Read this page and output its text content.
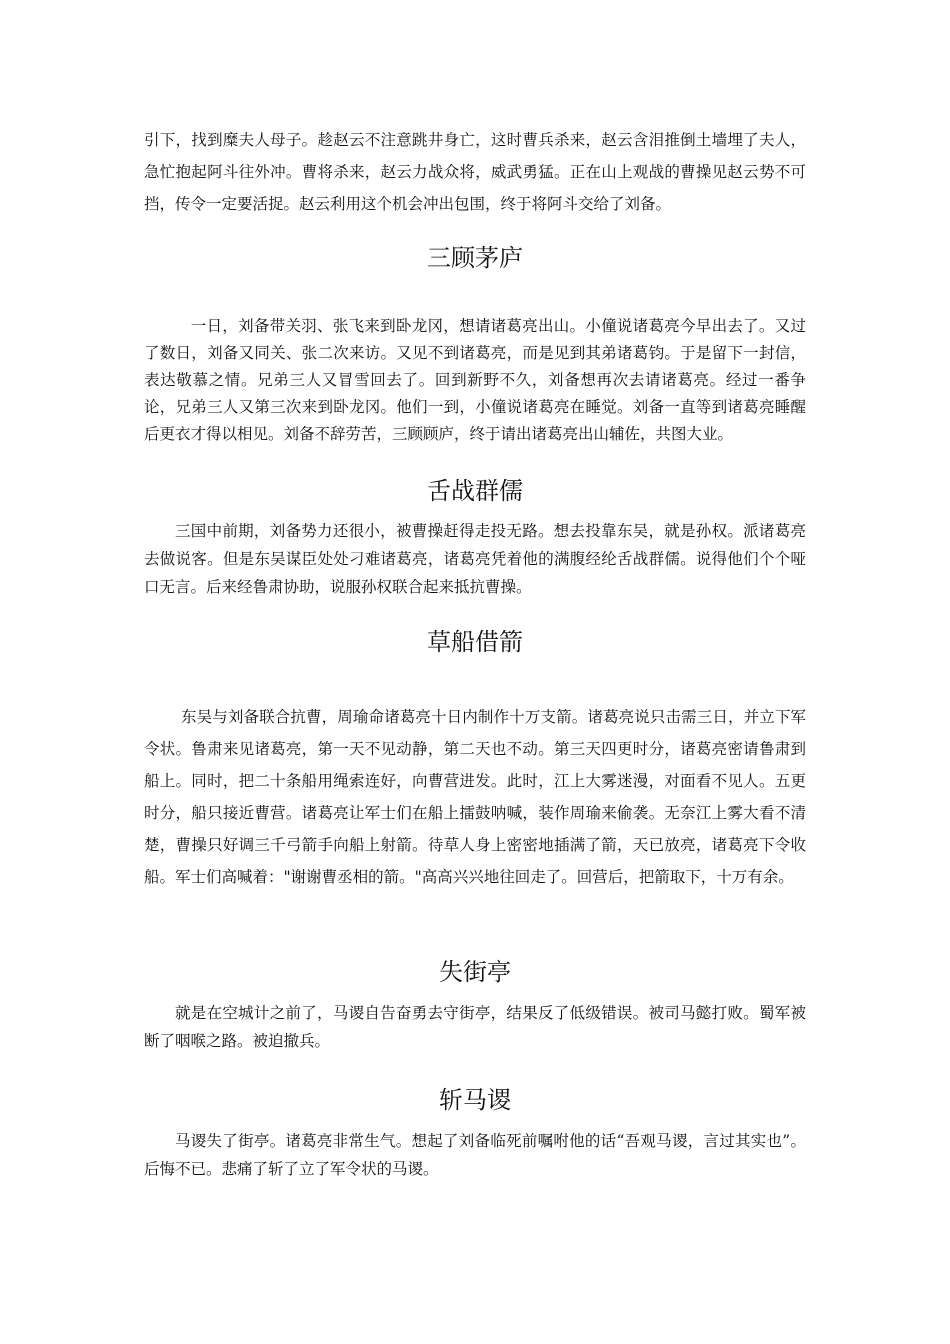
引下，找到糜夫人母子。趁赵云不注意跳井身亡，这时曹兵杀来，赵云含泪推倒土墙埋了夫人，急忙抱起阿斗往外冲。曹将杀来，赵云力战众将，威武勇猛。正在山上观战的曹操见赵云势不可挡，传令一定要活捉。赵云利用这个机会冲出包围，终于将阿斗交给了刘备。

三顾茅庐

　一日，刘备带关羽、张飞来到卧龙冈，想请诸葛亮出山。小僮说诸葛亮今早出去了。又过了数日，刘备又同关、张二次来访。又见不到诸葛亮，而是见到其弟诸葛钧。于是留下一封信，表达敬慕之情。兄弟三人又冒雪回去了。回到新野不久，刘备想再次去请诸葛亮。经过一番争论，兄弟三人又第三次来到卧龙冈。他们一到，小僮说诸葛亮在睡觉。刘备一直等到诸葛亮睡醒后更衣才得以相见。刘备不辞劳苦，三顾顾庐，终于请出诸葛亮出山辅佐，共图大业。

舌战群儒

三国中前期，刘备势力还很小，被曹操赶得走投无路。想去投靠东吴，就是孙权。派诸葛亮去做说客。但是东吴谋臣处处刁难诸葛亮，诸葛亮凭着他的满腹经纶舌战群儒。说得他们个个哑口无言。后来经鲁肃协助，说服孙权联合起来抵抗曹操。

草船借箭

东吴与刘备联合抗曹，周瑜命诸葛亮十日内制作十万支箭。诸葛亮说只击需三日，并立下军令状。鲁肃来见诸葛亮，第一天不见动静，第二天也不动。第三天四更时分，诸葛亮密请鲁肃到船上。同时，把二十条船用绳索连好，向曹营进发。此时，江上大雾迷漫，对面看不见人。五更时分，船只接近曹营。诸葛亮让军士们在船上擂鼓呐喊，装作周瑜来偷袭。无奈江上雾大看不清楚，曹操只好调三千弓箭手向船上射箭。待草人身上密密地插满了箭，天已放亮，诸葛亮下令收船。军士们高喊着："谢谢曹丞相的箭。"高高兴兴地往回走了。回营后，把箭取下，十万有余。

失街亭

就是在空城计之前了，马谡自告奋勇去守街亭，结果反了低级错误。被司马懿打败。蜀军被断了咽喉之路。被迫撤兵。

斩马谡

马谡失了街亭。诸葛亮非常生气。想起了刘备临死前嘱咐他的话“吾观马谡，言过其实也”。后悔不已。悲痛了斩了立了军令状的马谡。
